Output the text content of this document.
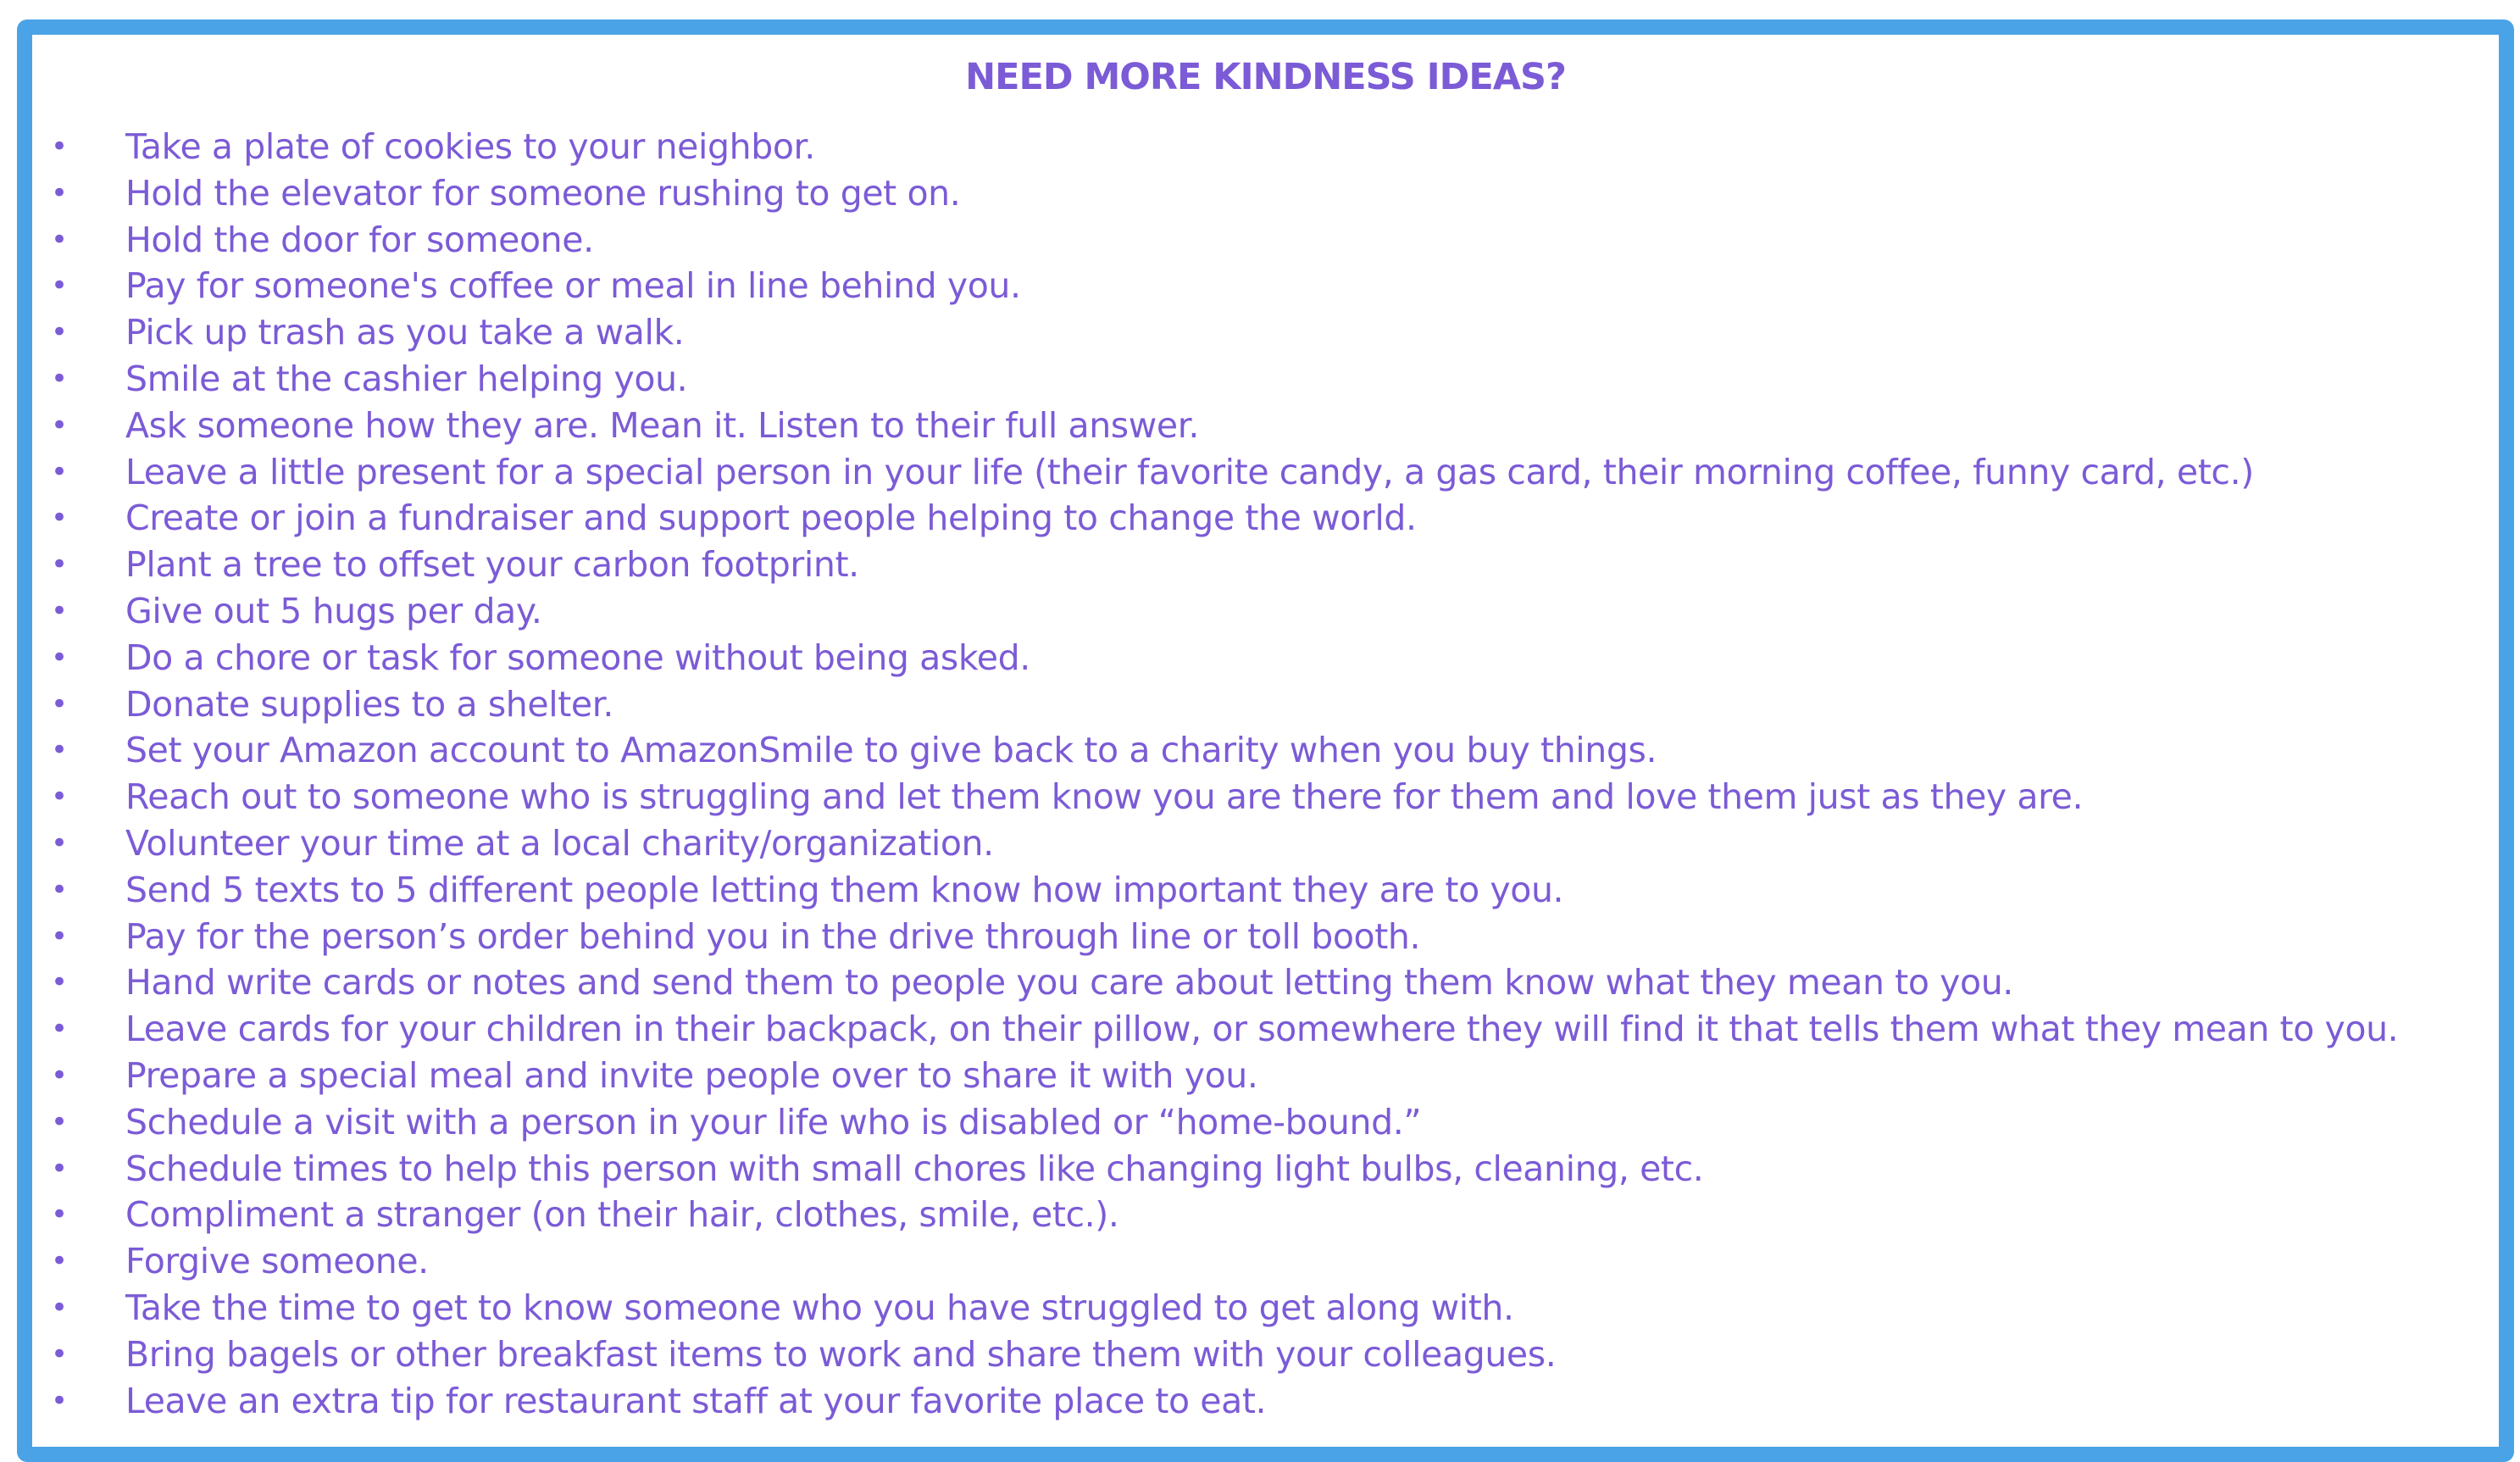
NEED MORE KINDNESS IDEAS?
• Take a plate of cookies to your neighbor.
• Hold the elevator for someone rushing to get on.
• Hold the door for someone.
• Pay for someone's coffee or meal in line behind you.
• Pick up trash as you take a walk.
• Smile at the cashier helping you.
• Ask someone how they are. Mean it. Listen to their full answer.
• Leave a little present for a special person in your life (their favorite candy, a gas card, their morning coffee, funny card, etc.)
• Create or join a fundraiser and support people helping to change the world.
• Plant a tree to offset your carbon footprint.
• Give out 5 hugs per day.
• Do a chore or task for someone without being asked.
• Donate supplies to a shelter.
• Set your Amazon account to AmazonSmile to give back to a charity when you buy things.
• Reach out to someone who is struggling and let them know you are there for them and love them just as they are.
• Volunteer your time at a local charity/organization.
• Send 5 texts to 5 different people letting them know how important they are to you.
• Pay for the person’s order behind you in the drive through line or toll booth.
• Hand write cards or notes and send them to people you care about letting them know what they mean to you.
• Leave cards for your children in their backpack, on their pillow, or somewhere they will find it that tells them what they mean to you.
• Prepare a special meal and invite people over to share it with you.
• Schedule a visit with a person in your life who is disabled or “home-bound.”
• Schedule times to help this person with small chores like changing light bulbs, cleaning, etc.
• Compliment a stranger (on their hair, clothes, smile, etc.).
• Forgive someone.
• Take the time to get to know someone who you have struggled to get along with.
• Bring bagels or other breakfast items to work and share them with your colleagues.
• Leave an extra tip for restaurant staff at your favorite place to eat.
